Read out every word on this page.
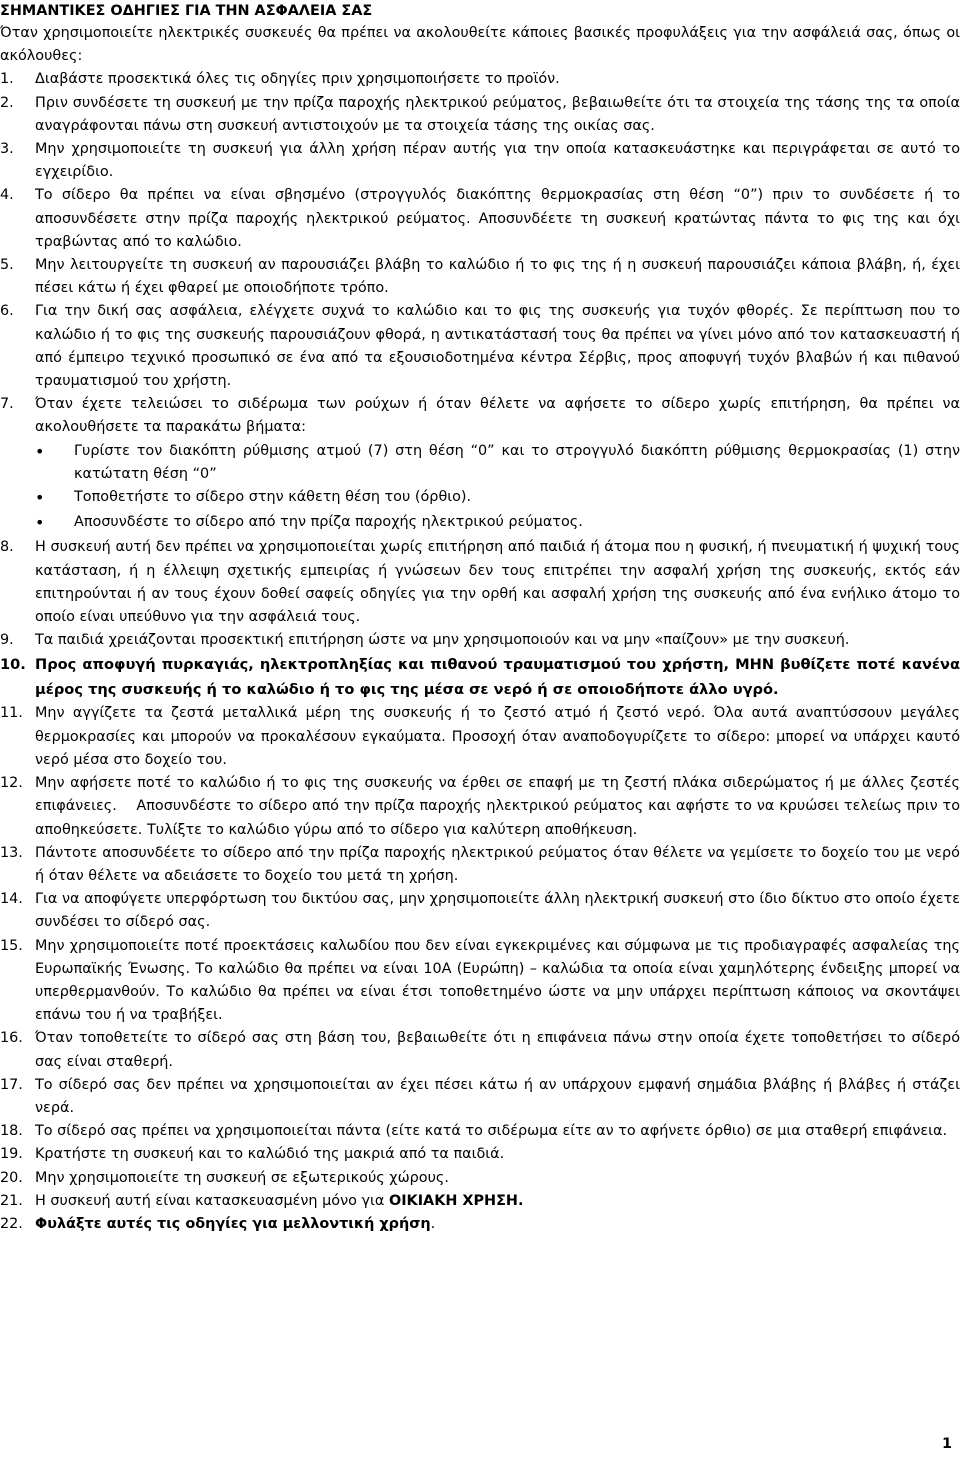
ΣΗΜΑΝΤΙΚΕΣ ΟΔΗΓΙΕΣ ΓΙΑ ΤΗΝ ΑΣΦΑΛΕΙΑ ΣΑΣ

Όταν χρησιμοποιείτε ηλεκτρικές συσκευές θα πρέπει να ακολουθείτε κάποιες βασικές προφυλάξεις για την ασφάλειά σας, όπως οι ακόλουθες:

1.	Διαβάστε προσεκτικά όλες τις οδηγίες πριν χρησιμοποιήσετε το προϊόν.
2.	Πριν συνδέσετε τη συσκευή με την πρίζα παροχής ηλεκτρικού ρεύματος, βεβαιωθείτε ότι τα στοιχεία της τάσης της τα οποία αναγράφονται πάνω στη συσκευή αντιστοιχούν με τα στοιχεία τάσης της οικίας σας.
3.	Μην χρησιμοποιείτε τη συσκευή για άλλη χρήση πέραν αυτής για την οποία κατασκευάστηκε και περιγράφεται σε αυτό το εγχειρίδιο.
4.	Το σίδερο θα πρέπει να είναι σβησμένο (στρογγυλός διακόπτης θερμοκρασίας στη θέση “0”) πριν το συνδέσετε ή το αποσυνδέσετε στην πρίζα παροχής ηλεκτρικού ρεύματος. Αποσυνδέετε τη συσκευή κρατώντας πάντα το φις της και όχι τραβώντας από το καλώδιο.
5.	Μην λειτουργείτε τη συσκευή αν παρουσιάζει βλάβη το καλώδιο ή το φις της ή η συσκευή παρουσιάζει κάποια βλάβη, ή, έχει πέσει κάτω ή έχει φθαρεί με οποιοδήποτε τρόπο.
6.	Για την δική σας ασφάλεια, ελέγχετε συχνά το καλώδιο και το φις της συσκευής για τυχόν φθορές. Σε περίπτωση που το καλώδιο ή το φις της συσκευής παρουσιάζουν φθορά, η αντικατάστασή τους θα πρέπει να γίνει μόνο από τον κατασκευαστή ή από έμπειρο τεχνικό προσωπικό σε ένα από τα εξουσιοδοτημένα κέντρα Σέρβις, προς αποφυγή τυχόν βλαβών ή και πιθανού τραυματισμού του χρήστη.
7.	Όταν έχετε τελειώσει το σιδέρωμα των ρούχων ή όταν θέλετε να αφήσετε το σίδερο χωρίς επιτήρηση, θα πρέπει να ακολουθήσετε τα παρακάτω βήματα:
•
Γυρίστε τον διακόπτη ρύθμισης ατμού (7) στη θέση “0” και το στρογγυλό διακόπτη ρύθμισης θερμοκρασίας (1) στην κατώτατη θέση “0”
•
Τοποθετήστε το σίδερο στην κάθετη θέση του (όρθιο).
•
Αποσυνδέστε το σίδερο από την πρίζα παροχής ηλεκτρικού ρεύματος.
8.	Η συσκευή αυτή δεν πρέπει να χρησιμοποιείται χωρίς επιτήρηση από παιδιά ή άτομα που η φυσική, ή πνευματική ή ψυχική τους κατάσταση, ή η έλλειψη σχετικής εμπειρίας ή γνώσεων δεν τους επιτρέπει την ασφαλή χρήση της συσκευής, εκτός εάν επιτηρούνται ή αν τους έχουν δοθεί σαφείς οδηγίες για την ορθή και ασφαλή χρήση της συσκευής από ένα ενήλικο άτομο το οποίο είναι υπεύθυνο για την ασφάλειά τους.
9.	Τα παιδιά χρειάζονται προσεκτική επιτήρηση ώστε να μην χρησιμοποιούν και να μην «παίζουν» με την συσκευή.
10. Προς αποφυγή πυρκαγιάς, ηλεκτροπληξίας και πιθανού τραυματισμού του χρήστη, ΜΗΝ βυθίζετε ποτέ κανένα μέρος της συσκευής ή το καλώδιο ή το φις της μέσα σε νερό ή σε οποιοδήποτε άλλο υγρό.
11. Μην αγγίζετε τα ζεστά μεταλλικά μέρη της συσκευής ή το ζεστό ατμό ή ζεστό νερό. Όλα αυτά αναπτύσσουν μεγάλες θερμοκρασίες και μπορούν να προκαλέσουν εγκαύματα. Προσοχή όταν αναποδογυρίζετε το σίδερο: μπορεί να υπάρχει καυτό νερό μέσα στο δοχείο του.
12. Μην αφήσετε ποτέ το καλώδιο ή το φις της συσκευής να έρθει σε επαφή με τη ζεστή πλάκα σιδερώματος ή με άλλες ζεστές επιφάνειες.    Αποσυνδέστε το σίδερο από την πρίζα παροχής ηλεκτρικού ρεύματος και αφήστε το να κρυώσει τελείως πριν το αποθηκεύσετε. Τυλίξτε το καλώδιο γύρω από το σίδερο για καλύτερη αποθήκευση.
13. Πάντοτε αποσυνδέετε το σίδερο από την πρίζα παροχής ηλεκτρικού ρεύματος όταν θέλετε να γεμίσετε το δοχείο του με νερό ή όταν θέλετε να αδειάσετε το δοχείο του μετά τη χρήση.
14. Για να αποφύγετε υπερφόρτωση του δικτύου σας, μην χρησιμοποιείτε άλλη ηλεκτρική συσκευή στο ίδιο δίκτυο στο οποίο έχετε συνδέσει το σίδερό σας.
15. Μην χρησιμοποιείτε ποτέ προεκτάσεις καλωδίου που δεν είναι εγκεκριμένες και σύμφωνα με τις προδιαγραφές ασφαλείας της Ευρωπαϊκής Ένωσης. Το καλώδιο θα πρέπει να είναι 10Α (Ευρώπη) – καλώδια τα οποία είναι χαμηλότερης ένδειξης μπορεί να υπερθερμανθούν. Το καλώδιο θα πρέπει να είναι έτσι τοποθετημένο ώστε να μην υπάρχει περίπτωση κάποιος να σκοντάψει επάνω του ή να τραβήξει.
16. Όταν τοποθετείτε το σίδερό σας στη βάση του, βεβαιωθείτε ότι η επιφάνεια πάνω στην οποία έχετε τοποθετήσει το σίδερό σας είναι σταθερή.
17. Το σίδερό σας δεν πρέπει να χρησιμοποιείται αν έχει πέσει κάτω ή αν υπάρχουν εμφανή σημάδια βλάβης ή βλάβες ή στάζει νερά.
18. Το σίδερό σας πρέπει να χρησιμοποιείται πάντα (είτε κατά το σιδέρωμα είτε αν το αφήνετε όρθιο) σε μια σταθερή επιφάνεια.
19. Κρατήστε τη συσκευή και το καλώδιό της μακριά από τα παιδιά.
20. Μην χρησιμοποιείτε τη συσκευή σε εξωτερικούς χώρους.
21. Η συσκευή αυτή είναι κατασκευασμένη μόνο για ΟΙΚΙΑΚΗ ΧΡΗΣΗ.
22. Φυλάξτε αυτές τις οδηγίες για μελλοντική χρήση.
1
